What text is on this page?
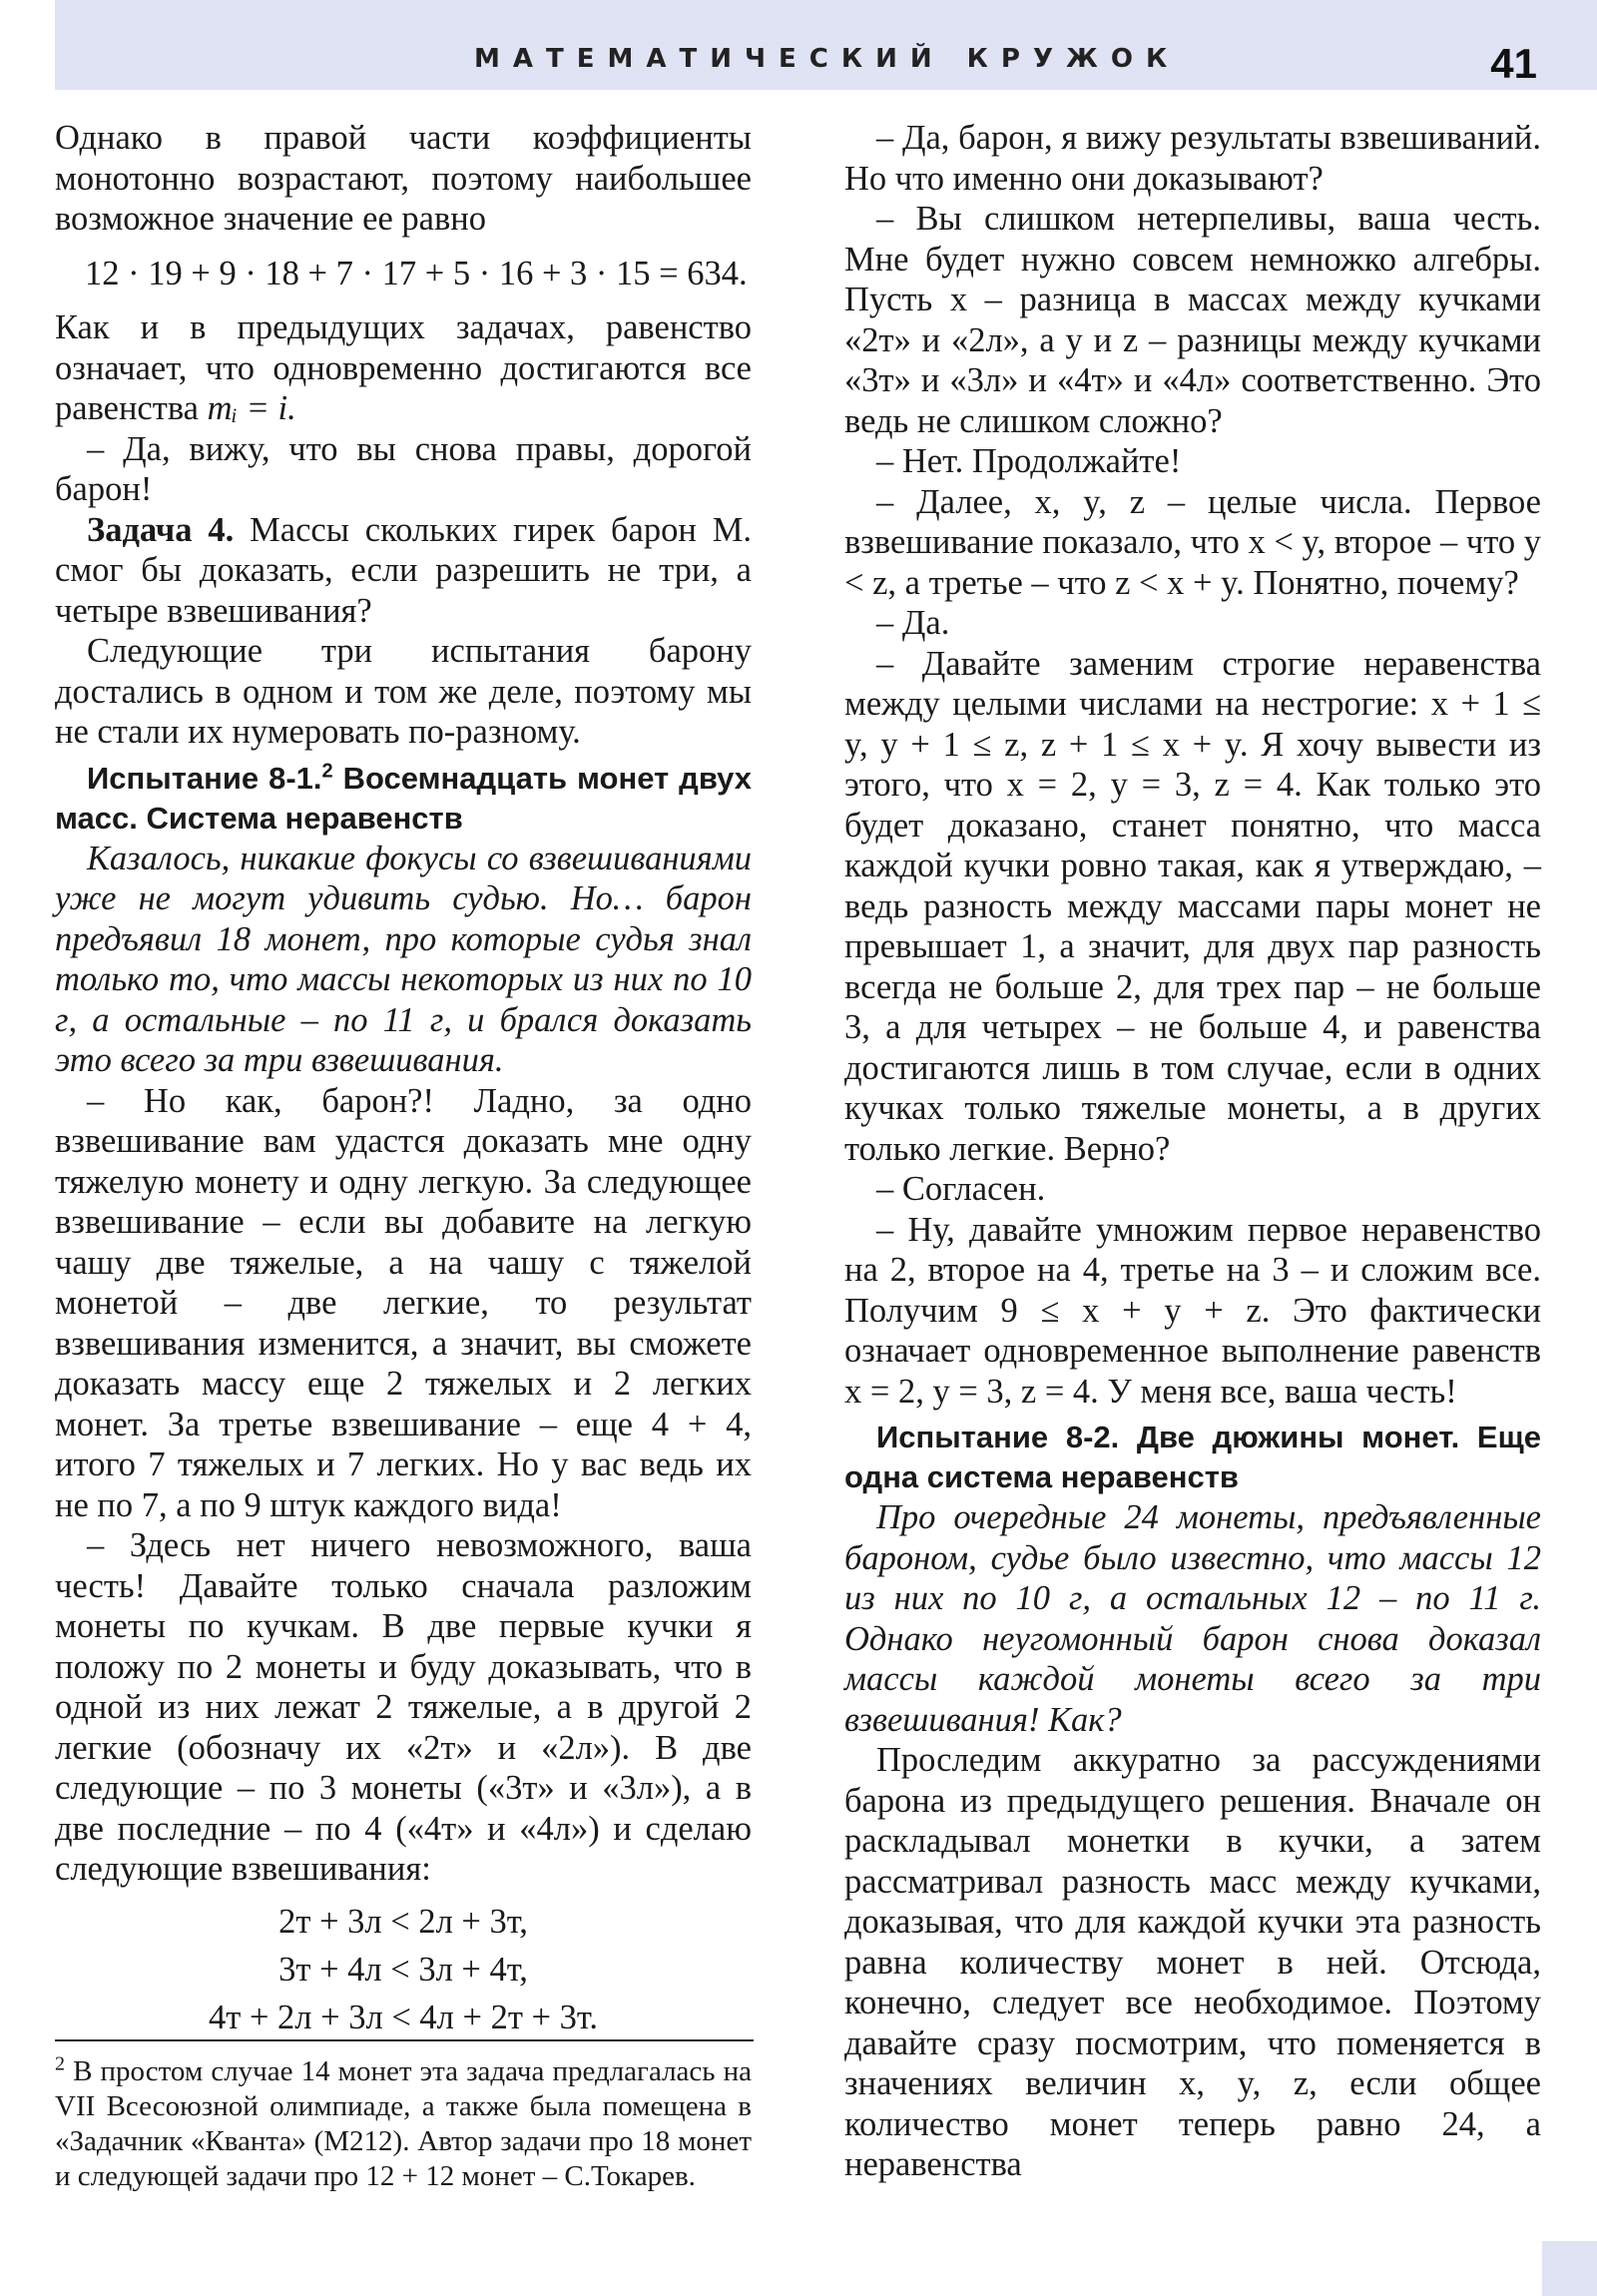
МАТЕМАТИЧЕСКИЙ КРУЖОК	41

Однако в правой части коэффициенты монотонно возрастают, поэтому наибольшее возможное значение ее равно

12 · 19 + 9 · 18 + 7 · 17 + 5 · 16 + 3 · 15 = 634.

Как и в предыдущих задачах, равенство означает, что одновременно достигаются все равенства mᵢ = i.

– Да, вижу, что вы снова правы, дорогой барон!

Задача 4. Массы скольких гирек барон М. смог бы доказать, если разрешить не три, а четыре взвешивания?

Следующие три испытания барону достались в одном и том же деле, поэтому мы не стали их нумеровать по-разному.

Испытание 8-1.$^2$ Восемнадцать монет двух масс. Система неравенств

Казалось, никакие фокусы со взвешиваниями уже не могут удивить судью. Но… барон предъявил 18 монет, про которые судья знал только то, что массы некоторых из них по 10 г, а остальные – по 11 г, и брался доказать это всего за три взвешивания.

– Но как, барон?! Ладно, за одно взвешивание вам удастся доказать мне одну тяжелую монету и одну легкую. За следующее взвешивание – если вы добавите на легкую чашу две тяжелые, а на чашу с тяжелой монетой – две легкие, то результат взвешивания изменится, а значит, вы сможете доказать массу еще 2 тяжелых и 2 легких монет. За третье взвешивание – еще 4 + 4, итого 7 тяжелых и 7 легких. Но у вас ведь их не по 7, а по 9 штук каждого вида!

– Здесь нет ничего невозможного, ваша честь! Давайте только сначала разложим монеты по кучкам. В две первые кучки я положу по 2 монеты и буду доказывать, что в одной из них лежат 2 тяжелые, а в другой 2 легкие (обозначу их «2т» и «2л»). В две следующие – по 3 монеты («3т» и «3л»), а в две последние – по 4 («4т» и «4л») и сделаю следующие взвешивания:

2т + 3л < 2л + 3т,

3т + 4л < 3л + 4т,

4т + 2л + 3л < 4л + 2т + 3т.

$^2$ В простом случае 14 монет эта задача предлагалась на VII Всесоюзной олимпиаде, а также была помещена в «Задачник «Кванта» (М212). Автор задачи про 18 монет и следующей задачи про 12 + 12 монет – С.Токарев.

– Да, барон, я вижу результаты взвешиваний. Но что именно они доказывают?

– Вы слишком нетерпеливы, ваша честь. Мне будет нужно совсем немножко алгебры. Пусть x – разница в массах между кучками «2т» и «2л», а y и z – разницы между кучками «3т» и «3л» и «4т» и «4л» соответственно. Это ведь не слишком сложно?

– Нет. Продолжайте!

– Далее, x, y, z – целые числа. Первое взвешивание показало, что x < y, второе – что y < z, а третье – что z < x + y. Понятно, почему?

– Да.

– Давайте заменим строгие неравенства между целыми числами на нестрогие: x + 1 ≤ y, y + 1 ≤ z, z + 1 ≤ x + y. Я хочу вывести из этого, что x = 2, y = 3, z = 4. Как только это будет доказано, станет понятно, что масса каждой кучки ровно такая, как я утверждаю, – ведь разность между массами пары монет не превышает 1, а значит, для двух пар разность всегда не больше 2, для трех пар – не больше 3, а для четырех – не больше 4, и равенства достигаются лишь в том случае, если в одних кучках только тяжелые монеты, а в других только легкие. Верно?

– Согласен.

– Ну, давайте умножим первое неравенство на 2, второе на 4, третье на 3 – и сложим все. Получим 9 ≤ x + y + z. Это фактически означает одновременное выполнение равенств x = 2, y = 3, z = 4. У меня все, ваша честь!

Испытание 8-2. Две дюжины монет. Еще одна система неравенств

Про очередные 24 монеты, предъявленные бароном, судье было известно, что массы 12 из них по 10 г, а остальных 12 – по 11 г. Однако неугомонный барон снова доказал массы каждой монеты всего за три взвешивания! Как?

Проследим аккуратно за рассуждениями барона из предыдущего решения. Вначале он раскладывал монетки в кучки, а затем рассматривал разность масс между кучками, доказывая, что для каждой кучки эта разность равна количеству монет в ней. Отсюда, конечно, следует все необходимое. Поэтому давайте сразу посмотрим, что поменяется в значениях величин x, y, z, если общее количество монет теперь равно 24, а неравенства
